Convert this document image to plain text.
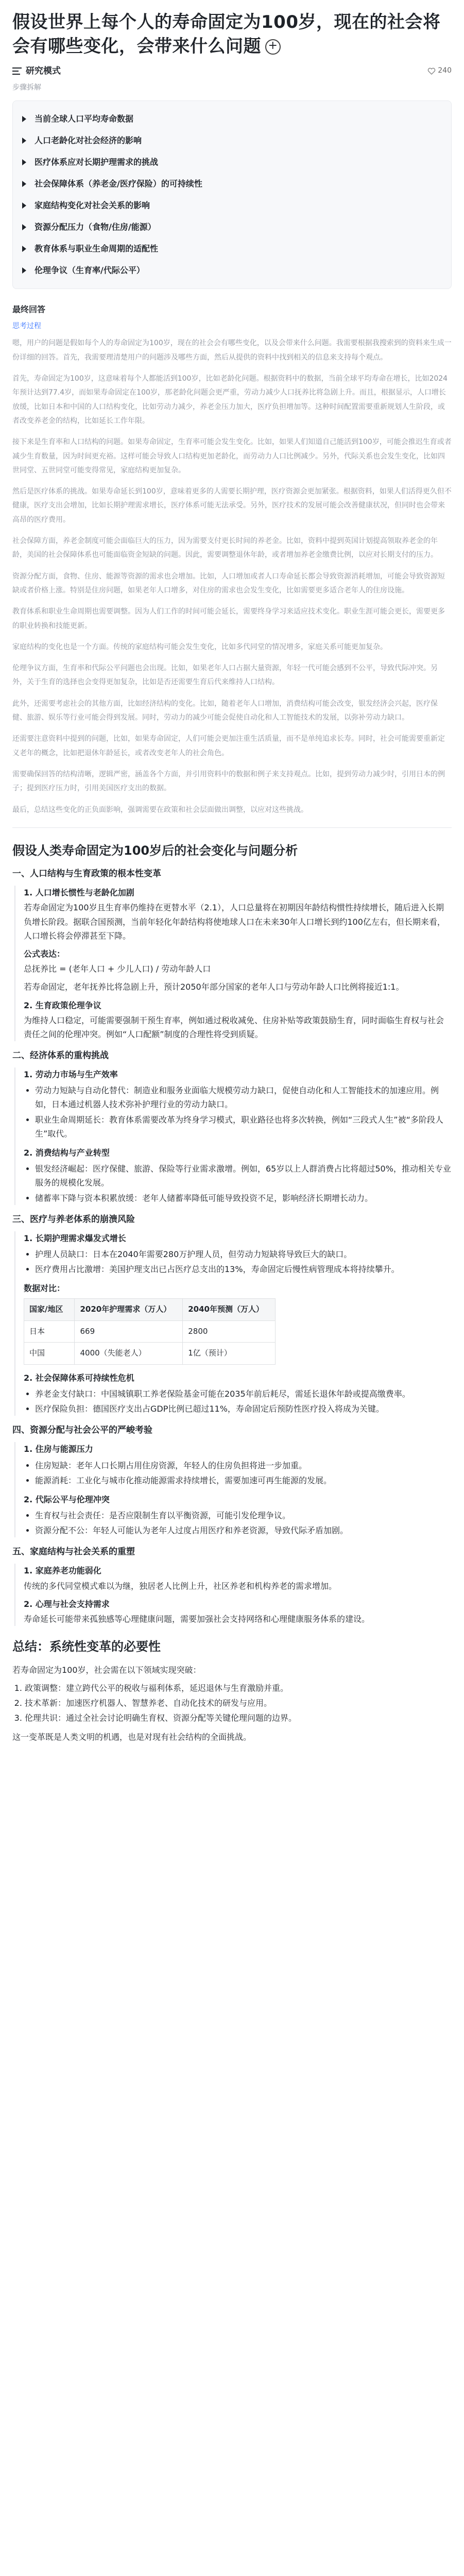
假设世界上每个人的寿命固定为100岁，现在的社会将会有哪些变化，会带来什么问题 +
研究模式	240
步骤拆解
当前全球人口平均寿命数据
人口老龄化对社会经济的影响
医疗体系应对长期护理需求的挑战
社会保障体系（养老金/医疗保险）的可持续性
家庭结构变化对社会关系的影响
资源分配压力（食物/住房/能源）
教育体系与职业生命周期的适配性
伦理争议（生育率/代际公平）
最终回答
思考过程

嗯，用户的问题是假如每个人的寿命固定为100岁，现在的社会会有哪些变化，以及会带来什么问题。我需要根据我搜索到的资料来生成一份详细的回答。首先，我需要理清楚用户的问题涉及哪些方面，然后从提供的资料中找到相关的信息来支持每个观点。

首先，寿命固定为100岁，这意味着每个人都能活到100岁，比如老龄化问题。根据资料中的数据，当前全球平均寿命在增长，比如2024年预计达到77.4岁，而如果寿命固定在100岁，那老龄化问题会更严重，劳动力减少人口抚养比将急剧上升。而且，根据显示，人口增长放缓，比如日本和中国的人口结构变化，比如劳动力减少，养老金压力加大，医疗负担增加等。这种时间配置需要重新规划人生阶段，或者改变养老金的结构，比如延长工作年限。

接下来是生育率和人口结构的问题。如果寿命固定，生育率可能会发生变化。比如，如果人们知道自己能活到100岁，可能会推迟生育或者减少生育数量，因为时间更充裕。这样可能会导致人口结构更加老龄化，而劳动力人口比例减少。另外，代际关系也会发生变化，比如四世同堂、五世同堂可能变得常见，家庭结构更加复杂。

然后是医疗体系的挑战。如果寿命延长到100岁，意味着更多的人需要长期护理，医疗资源会更加紧张。根据资料，如果人们活得更久但不健康，医疗支出会增加，比如长期护理需求增长，医疗体系可能无法承受。另外，医疗技术的发展可能会改善健康状况，但同时也会带来高昂的医疗费用。

社会保障方面，养老金制度可能会面临巨大的压力，因为需要支付更长时间的养老金。比如，资料中提到英国计划提高领取养老金的年龄，美国的社会保障体系也可能面临资金短缺的问题。因此，需要调整退休年龄，或者增加养老金缴费比例，以应对长期支付的压力。

资源分配方面，食物、住房、能源等资源的需求也会增加。比如，人口增加或者人口寿命延长都会导致资源消耗增加，可能会导致资源短缺或者价格上涨。特别是住房问题，如果老年人口增多，对住房的需求也会发生变化，比如需要更多适合老年人的住房设施。

教育体系和职业生命周期也需要调整。因为人们工作的时间可能会延长，需要终身学习来适应技术变化。职业生涯可能会更长，需要更多的职业转换和技能更新。

家庭结构的变化也是一个方面。传统的家庭结构可能会发生变化，比如多代同堂的情况增多，家庭关系可能更加复杂。

伦理争议方面，生育率和代际公平问题也会出现。比如，如果老年人口占据大量资源，年轻一代可能会感到不公平，导致代际冲突。另外，关于生育的选择也会变得更加复杂，比如是否还需要生育后代来维持人口结构。

此外，还需要考虑社会的其他方面，比如经济结构的变化。比如，随着老年人口增加，消费结构可能会改变，银发经济会兴起，医疗保健、旅游、娱乐等行业可能会得到发展。同时，劳动力的减少可能会促使自动化和人工智能技术的发展，以弥补劳动力缺口。

还需要注意资料中提到的问题，比如，如果寿命固定，人们可能会更加注重生活质量，而不是单纯追求长寿。同时，社会可能需要重新定义老年的概念，比如把退休年龄延长，或者改变老年人的社会角色。

需要确保回答的结构清晰，逻辑严密，涵盖各个方面，并引用资料中的数据和例子来支持观点。比如，提到劳动力减少时，引用日本的例子；提到医疗压力时，引用美国医疗支出的数据。

最后，总结这些变化的正负面影响，强调需要在政策和社会层面做出调整，以应对这些挑战。

假设人类寿命固定为100岁后的社会变化与问题分析
一、人口结构与生育政策的根本性变革
1. 人口增长惯性与老龄化加剧

若寿命固定为100岁且生育率仍维持在更替水平（2.1），人口总量将在初期因年龄结构惯性持续增长，随后进入长期负增长阶段。据联合国预测，当前年轻化年龄结构将使地球人口在未来30年人口增长到约100亿左右，但长期来看，人口增长将会停滞甚至下降。

公式表达：

总抚养比 = (老年人口 + 少儿人口) / 劳动年龄人口

若寿命固定，老年抚养比将急剧上升，预计2050年部分国家的老年人口与劳动年龄人口比例将接近1:1。

2. 生育政策伦理争议

为维持人口稳定，可能需要强制干预生育率，例如通过税收减免、住房补贴等政策鼓励生育，同时面临生育权与社会责任之间的伦理冲突。例如“人口配额”制度的合理性将受到质疑。

二、经济体系的重构挑战
1. 劳动力市场与生产效率
• 劳动力短缺与自动化替代：制造业和服务业面临大规模劳动力缺口，促使自动化和人工智能技术的加速应用。例如，日本通过机器人技术弥补护理行业的劳动力缺口。
• 职业生命周期延长：教育体系需要改革为终身学习模式，职业路径也将多次转换，例如“三段式人生”被“多阶段人生”取代。
2. 消费结构与产业转型
• 银发经济崛起：医疗保健、旅游、保险等行业需求激增。例如，65岁以上人群消费占比将超过50%，推动相关专业服务的规模化发展。
• 储蓄率下降与资本积累放缓：老年人储蓄率降低可能导致投资不足，影响经济长期增长动力。
三、医疗与养老体系的崩溃风险
1. 长期护理需求爆发式增长
• 护理人员缺口：日本在2040年需要280万护理人员，但劳动力短缺将导致巨大的缺口。
• 医疗费用占比激增：美国护理支出已占医疗总支出的13%，寿命固定后慢性病管理成本将持续攀升。
数据对比：
国家/地区	2020年护理需求（万人）	2040年预测（万人）
日本	669	2800
中国	4000（失能老人）	1亿（预计）
2. 社会保障体系可持续性危机
• 养老金支付缺口：中国城镇职工养老保险基金可能在2035年前后耗尽，需延长退休年龄或提高缴费率。
• 医疗保险负担：德国医疗支出占GDP比例已超过11%，寿命固定后预防性医疗投入将成为关键。
四、资源分配与社会公平的严峻考验
1. 住房与能源压力
• 住房短缺：老年人口长期占用住房资源，年轻人的住房负担将进一步加重。
• 能源消耗：工业化与城市化推动能源需求持续增长，需要加速可再生能源的发展。
2. 代际公平与伦理冲突
• 生育权与社会责任：是否应限制生育以平衡资源，可能引发伦理争议。
• 资源分配不公：年轻人可能认为老年人过度占用医疗和养老资源，导致代际矛盾加剧。
五、家庭结构与社会关系的重塑
1. 家庭养老功能弱化

传统的多代同堂模式难以为继，独居老人比例上升，社区养老和机构养老的需求增加。

2. 心理与社会支持需求

寿命延长可能带来孤独感等心理健康问题，需要加强社会支持网络和心理健康服务体系的建设。

总结：系统性变革的必要性

若寿命固定为100岁，社会需在以下领域实现突破：

1. 政策调整：建立跨代公平的税收与福利体系，延迟退休与生育激励并重。
2. 技术革新：加速医疗机器人、智慧养老、自动化技术的研发与应用。
3. 伦理共识：通过全社会讨论明确生育权、资源分配等关键伦理问题的边界。

这一变革既是人类文明的机遇，也是对现有社会结构的全面挑战。
